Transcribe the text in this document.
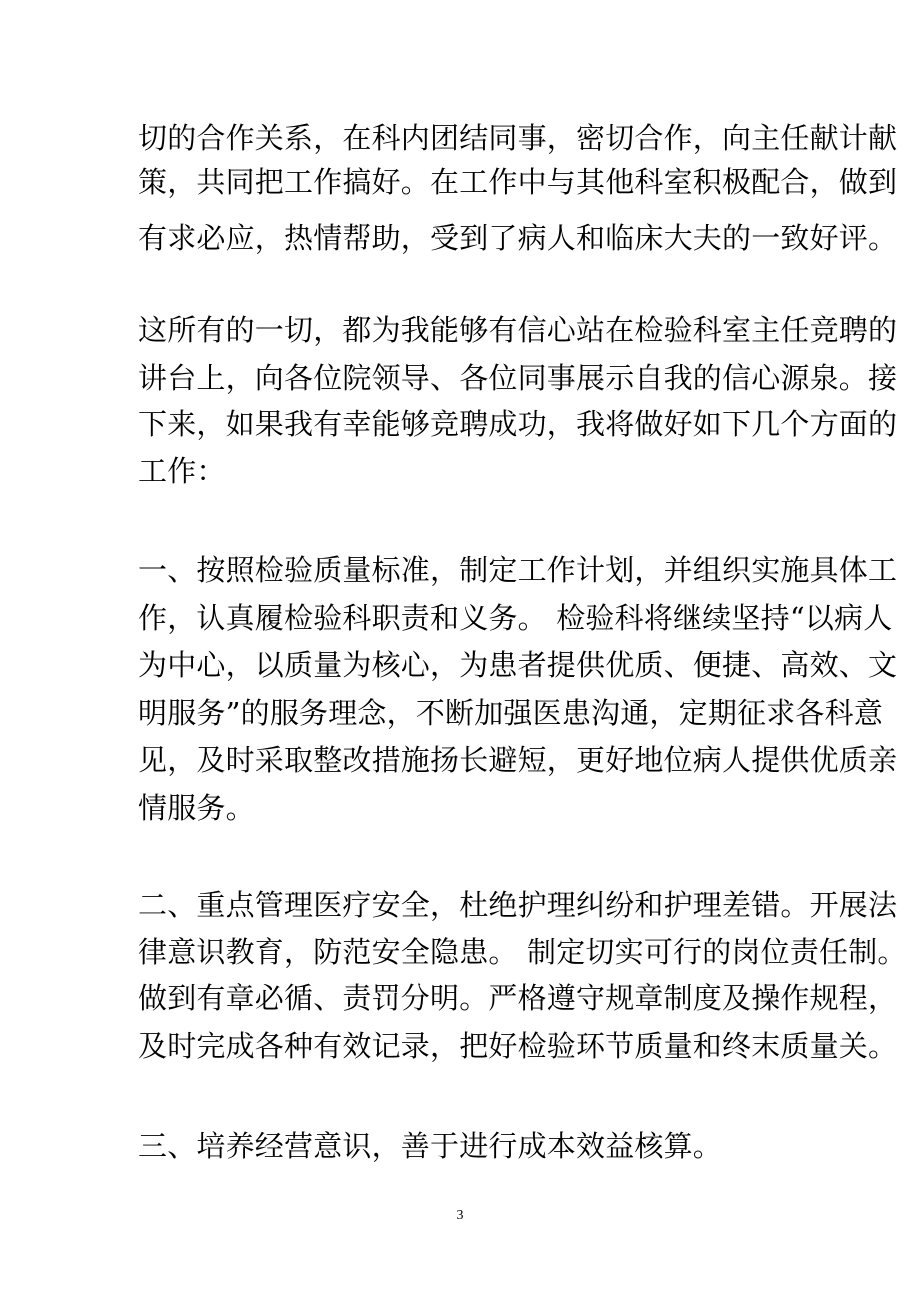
切的合作关系，在科内团结同事，密切合作，向主任献计献
策，共同把工作搞好。在工作中与其他科室积极配合，做到
有求必应，热情帮助，受到了病人和临床大夫的一致好评。
这所有的一切，都为我能够有信心站在检验科室主任竞聘的
讲台上，向各位院领导、各位同事展示自我的信心源泉。接
下来，如果我有幸能够竞聘成功，我将做好如下几个方面的
工作：
一、按照检验质量标准，制定工作计划，并组织实施具体工
作，认真履检验科职责和义务。 检验科将继续坚持“以病人
为中心，以质量为核心，为患者提供优质、便捷、高效、文
明服务”的服务理念，不断加强医患沟通，定期征求各科意
见，及时采取整改措施扬长避短，更好地位病人提供优质亲
情服务。
二、重点管理医疗安全，杜绝护理纠纷和护理差错。开展法
律意识教育，防范安全隐患。 制定切实可行的岗位责任制。
做到有章必循、责罚分明。严格遵守规章制度及操作规程，
及时完成各种有效记录，把好检验环节质量和终末质量关。
三、培养经营意识，善于进行成本效益核算。
3
